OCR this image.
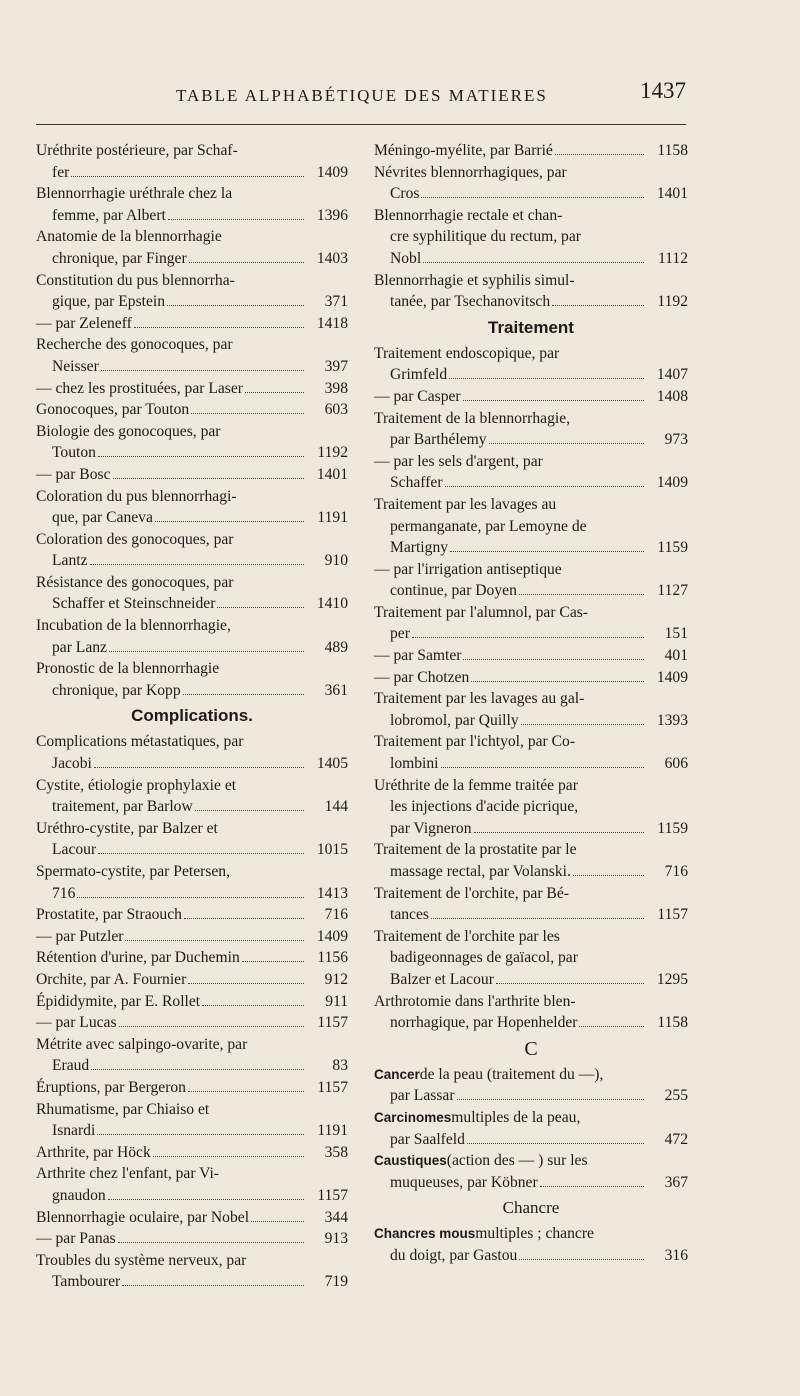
TABLE ALPHABÉTIQUE DES MATIERES	1437
Uréthrite postérieure, par Schaf-
fer	1409
Blennorrhagie uréthrale chez la
femme, par Albert	1396
Anatomie de la blennorrhagie
chronique, par Finger	1403
Constitution du pus blennorrha-
gique, par Epstein	371
— par Zeleneff	1418
Recherche des gonocoques, par
Neisser	397
— chez les prostituées, par Laser	398
Gonocoques, par Touton	603
Biologie des gonocoques, par
Touton	1192
— par Bosc	1401
Coloration du pus blennorrhagi-
que, par Caneva	1191
Coloration des gonocoques, par
Lantz	910
Résistance des gonocoques, par
Schaffer et Steinschneider	1410
Incubation de la blennorrhagie,
par Lanz	489
Pronostic de la blennorrhagie
chronique, par Kopp	361
Complications.
Complications métastatiques, par
Jacobi	1405
Cystite, étiologie prophylaxie et
traitement, par Barlow	144
Uréthro-cystite, par Balzer et
Lacour	1015
Spermato-cystite, par Petersen,
716	1413
Prostatite, par Straouch	716
— par Putzler	1409
Rétention d'urine, par Duchemin	1156
Orchite, par A. Fournier	912
Épididymite, par E. Rollet	911
— par Lucas	1157
Métrite avec salpingo-ovarite, par
Eraud	83
Éruptions, par Bergeron	1157
Rhumatisme, par Chiaiso et
Isnardi	1191
Arthrite, par Höck	358
Arthrite chez l'enfant, par Vi-
gnaudon	1157
Blennorrhagie oculaire, par Nobel	344
— par Panas	913
Troubles du système nerveux, par
Tambourer	719
Méningo-myélite, par Barrié	1158
Névrites blennorrhagiques, par
Cros	1401
Blennorrhagie rectale et chan-
cre syphilitique du rectum, par
Nobl	1112
Blennorrhagie et syphilis simul-
tanée, par Tsechanovitsch	1192
Traitement
Traitement endoscopique, par
Grimfeld	1407
— par Casper	1408
Traitement de la blennorrhagie,
par Barthélemy	973
— par les sels d'argent, par
Schaffer	1409
Traitement par les lavages au
permanganate, par Lemoyne de
Martigny	1159
— par l'irrigation antiseptique
continue, par Doyen	1127
Traitement par l'alumnol, par Cas-
per	151
— par Samter	401
— par Chotzen	1409
Traitement par les lavages au gal-
lobromol, par Quilly	1393
Traitement par l'ichtyol, par Co-
lombini	606
Uréthrite de la femme traitée par
les injections d'acide picrique,
par Vigneron	1159
Traitement de la prostatite par le
massage rectal, par Volanski.	716
Traitement de l'orchite, par Bé-
tances	1157
Traitement de l'orchite par les
badigeonnages de gaïacol, par
Balzer et Lacour	1295
Arthrotomie dans l'arthrite blen-
norrhagique, par Hopenhelder	1158
C
Cancer de la peau (traitement du —),
par Lassar	255
Carcinomes multiples de la peau,
par Saalfeld	472
Caustiques (action des — ) sur les
muqueuses, par Köbner	367
Chancre
Chancres mous multiples ; chancre
du doigt, par Gastou	316
